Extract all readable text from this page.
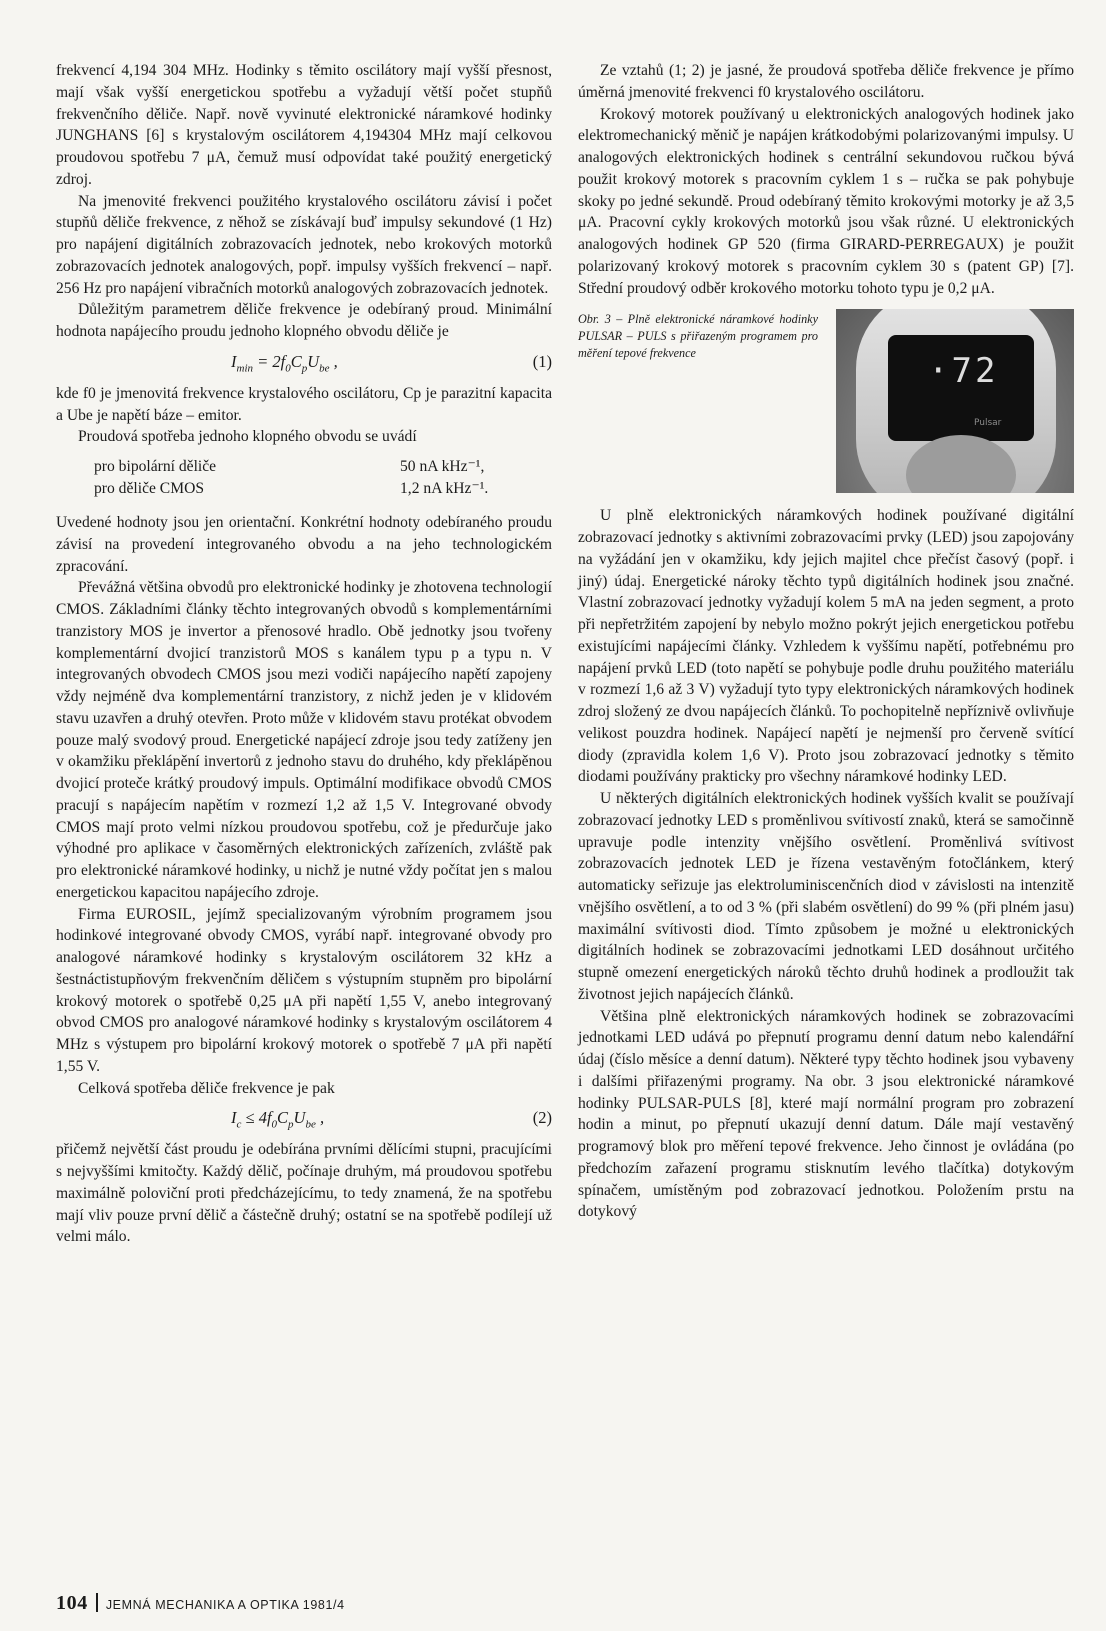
frekvencí 4,194 304 MHz. Hodinky s těmito oscilátory mají vyšší přesnost, mají však vyšší energetickou spotřebu a vyžadují větší počet stupňů frekvenčního děliče. Např. nově vyvinuté elektronické náramkové hodinky JUNGHANS [6] s krystalovým oscilátorem 4,194304 MHz mají celkovou proudovou spotřebu 7 μA, čemuž musí odpovídat také použitý energetický zdroj.

Na jmenovité frekvenci použitého krystalového oscilátoru závisí i počet stupňů děliče frekvence, z něhož se získávají buď impulsy sekundové (1 Hz) pro napájení digitálních zobrazovacích jednotek, nebo krokových motorků zobrazovacích jednotek analogových, popř. impulsy vyšších frekvencí – např. 256 Hz pro napájení vibračních motorků analogových zobrazovacích jednotek.

Důležitým parametrem děliče frekvence je odebíraný proud. Minimální hodnota napájecího proudu jednoho klopného obvodu děliče je

$I_{min} = 2f_0C_pU_{be}$ ,	(1)

kde f0 je jmenovitá frekvence krystalového oscilátoru, Cp je parazitní kapacita a Ube je napětí báze – emitor.

Proudová spotřeba jednoho klopného obvodu se uvádí

pro bipolární děliče	50 nA kHz⁻¹,
pro děliče CMOS	1,2 nA kHz⁻¹.

Uvedené hodnoty jsou jen orientační. Konkrétní hodnoty odebíraného proudu závisí na provedení integrovaného obvodu a na jeho technologickém zpracování.

Převážná většina obvodů pro elektronické hodinky je zhotovena technologií CMOS. Základními články těchto integrovaných obvodů s komplementárními tranzistory MOS je invertor a přenosové hradlo. Obě jednotky jsou tvořeny komplementární dvojicí tranzistorů MOS s kanálem typu p a typu n. V integrovaných obvodech CMOS jsou mezi vodiči napájecího napětí zapojeny vždy nejméně dva komplementární tranzistory, z nichž jeden je v klidovém stavu uzavřen a druhý otevřen. Proto může v klidovém stavu protékat obvodem pouze malý svodový proud. Energetické napájecí zdroje jsou tedy zatíženy jen v okamžiku překlápění invertorů z jednoho stavu do druhého, kdy překlápěnou dvojicí proteče krátký proudový impuls. Optimální modifikace obvodů CMOS pracují s napájecím napětím v rozmezí 1,2 až 1,5 V. Integrované obvody CMOS mají proto velmi nízkou proudovou spotřebu, což je předurčuje jako výhodné pro aplikace v časoměrných elektronických zařízeních, zvláště pak pro elektronické náramkové hodinky, u nichž je nutné vždy počítat jen s malou energetickou kapacitou napájecího zdroje.

Firma EUROSIL, jejímž specializovaným výrobním programem jsou hodinkové integrované obvody CMOS, vyrábí např. integrované obvody pro analogové náramkové hodinky s krystalovým oscilátorem 32 kHz a šestnáctistupňovým frekvenčním děličem s výstupním stupněm pro bipolární krokový motorek o spotřebě 0,25 μA při napětí 1,55 V, anebo integrovaný obvod CMOS pro analogové náramkové hodinky s krystalovým oscilátorem 4 MHz s výstupem pro bipolární krokový motorek o spotřebě 7 μA při napětí 1,55 V.

Celková spotřeba děliče frekvence je pak

$I_c \le 4f_0C_pU_{be}$ ,	(2)

přičemž největší část proudu je odebírána prvními dělícími stupni, pracujícími s nejvyššími kmitočty. Každý dělič, počínaje druhým, má proudovou spotřebu maximálně poloviční proti předcházejícímu, to tedy znamená, že na spotřebu mají vliv pouze první dělič a částečně druhý; ostatní se na spotřebě podílejí už velmi málo.

Ze vztahů (1; 2) je jasné, že proudová spotřeba děliče frekvence je přímo úměrná jmenovité frekvenci f0 krystalového oscilátoru.

Krokový motorek používaný u elektronických analogových hodinek jako elektromechanický měnič je napájen krátkodobými polarizovanými impulsy. U analogových elektronických hodinek s centrální sekundovou ručkou bývá použit krokový motorek s pracovním cyklem 1 s – ručka se pak pohybuje skoky po jedné sekundě. Proud odebíraný těmito krokovými motorky je až 3,5 μA. Pracovní cykly krokových motorků jsou však různé. U elektronických analogových hodinek GP 520 (firma GIRARD-PERREGAUX) je použit polarizovaný krokový motorek s pracovním cyklem 30 s (patent GP) [7]. Střední proudový odběr krokového motorku tohoto typu je 0,2 μA.

Obr. 3 – Plně elektronické náramkové hodinky PULSAR – PULS s přiřazeným programem pro měření tepové frekvence	·72
Pulsar

U plně elektronických náramkových hodinek používané digitální zobrazovací jednotky s aktivními zobrazovacími prvky (LED) jsou zapojovány na vyžádání jen v okamžiku, kdy jejich majitel chce přečíst časový (popř. i jiný) údaj. Energetické nároky těchto typů digitálních hodinek jsou značné. Vlastní zobrazovací jednotky vyžadují kolem 5 mA na jeden segment, a proto při nepřetržitém zapojení by nebylo možno pokrýt jejich energetickou potřebu existujícími napájecími články. Vzhledem k vyššímu napětí, potřebnému pro napájení prvků LED (toto napětí se pohybuje podle druhu použitého materiálu v rozmezí 1,6 až 3 V) vyžadují tyto typy elektronických náramkových hodinek zdroj složený ze dvou napájecích článků. To pochopitelně nepříznivě ovlivňuje velikost pouzdra hodinek. Napájecí napětí je nejmenší pro červeně svítící diody (zpravidla kolem 1,6 V). Proto jsou zobrazovací jednotky s těmito diodami používány prakticky pro všechny náramkové hodinky LED.

U některých digitálních elektronických hodinek vyšších kvalit se používají zobrazovací jednotky LED s proměnlivou svítivostí znaků, která se samočinně upravuje podle intenzity vnějšího osvětlení. Proměnlivá svítivost zobrazovacích jednotek LED je řízena vestavěným fotočlánkem, který automaticky seřizuje jas elektroluminiscenčních diod v závislosti na intenzitě vnějšího osvětlení, a to od 3 % (při slabém osvětlení) do 99 % (při plném jasu) maximální svítivosti diod. Tímto způsobem je možné u elektronických digitálních hodinek se zobrazovacími jednotkami LED dosáhnout určitého stupně omezení energetických nároků těchto druhů hodinek a prodloužit tak životnost jejich napájecích článků.

Většina plně elektronických náramkových hodinek se zobrazovacími jednotkami LED udává po přepnutí programu denní datum nebo kalendářní údaj (číslo měsíce a denní datum). Některé typy těchto hodinek jsou vybaveny i dalšími přiřazenými programy. Na obr. 3 jsou elektronické náramkové hodinky PULSAR-PULS [8], které mají normální program pro zobrazení hodin a minut, po přepnutí ukazují denní datum. Dále mají vestavěný programový blok pro měření tepové frekvence. Jeho činnost je ovládána (po předchozím zařazení programu stisknutím levého tlačítka) dotykovým spínačem, umístěným pod zobrazovací jednotkou. Položením prstu na dotykový

104 JEMNÁ MECHANIKA A OPTIKA 1981/4
